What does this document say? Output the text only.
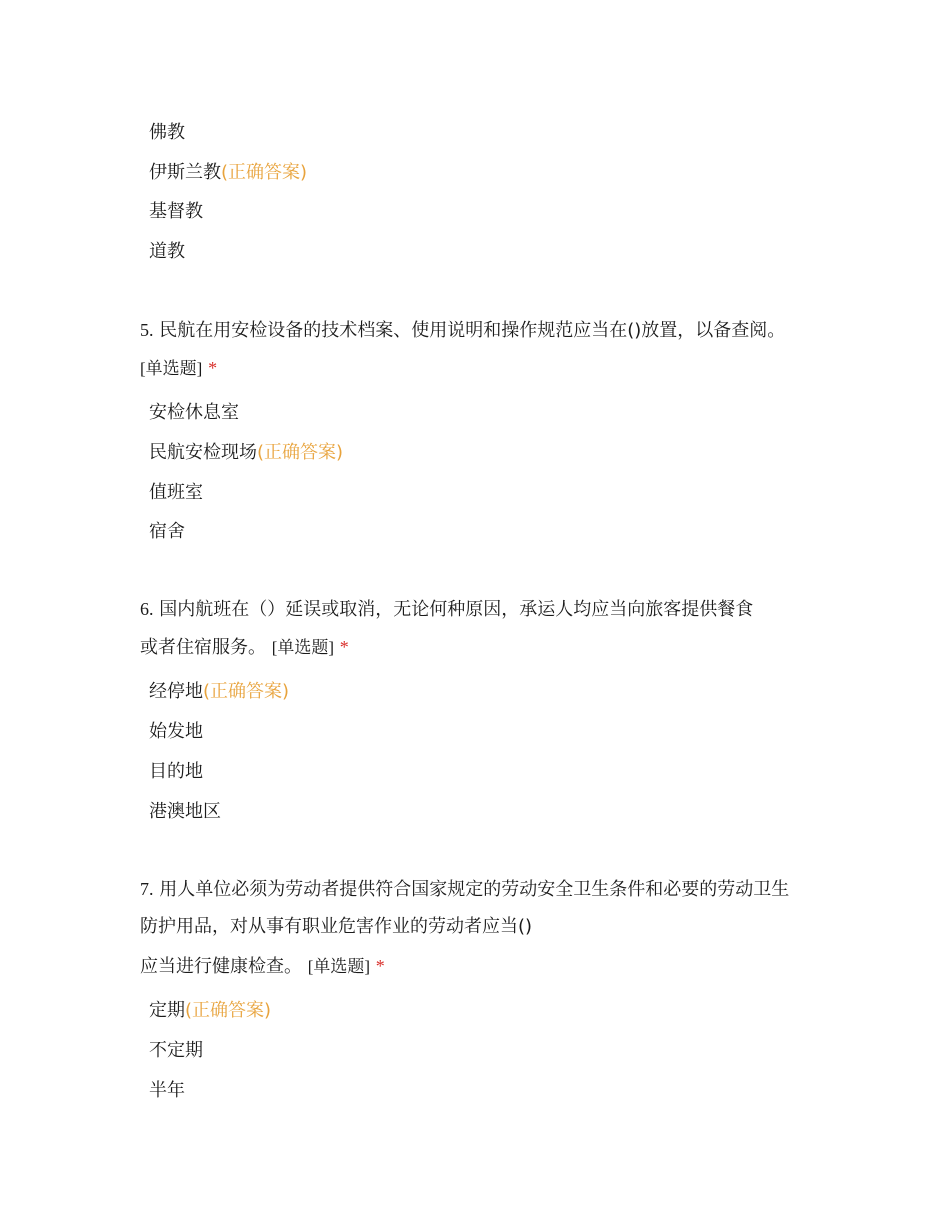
佛教
伊斯兰教(正确答案)
基督教
道教
5. 民航在用安检设备的技术档案、使用说明和操作规范应当在()放置，以备查阅。
[单选题] *
安检休息室
民航安检现场(正确答案)
值班室
宿舍
6. 国内航班在（）延误或取消，无论何种原因，承运人均应当向旅客提供餐食
或者住宿服务。 [单选题] *
经停地(正确答案)
始发地
目的地
港澳地区
7. 用人单位必须为劳动者提供符合国家规定的劳动安全卫生条件和必要的劳动卫生
防护用品，对从事有职业危害作业的劳动者应当()
应当进行健康检查。 [单选题] *
定期(正确答案)
不定期
半年
